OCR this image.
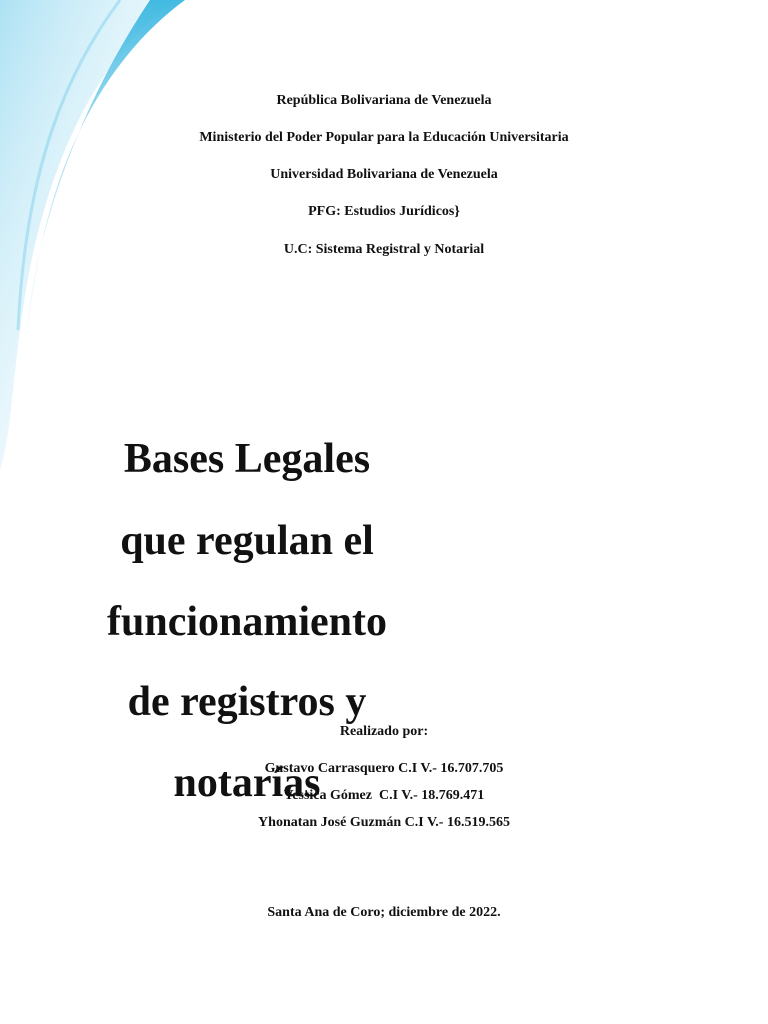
República Bolivariana de Venezuela
Ministerio del Poder Popular para la Educación Universitaria
Universidad Bolivariana de Venezuela
PFG: Estudios Jurídicos}
U.C: Sistema Registral y Notarial
Bases Legales
que regulan el
funcionamiento
de registros y
Realizado por:
Gustavo Carrasquero C.I V.- 16.707.705
notarías
Yessica Gómez  C.I V.- 18.769.471
Yhonatan José Guzmán C.I V.- 16.519.565
Santa Ana de Coro; diciembre de 2022.
